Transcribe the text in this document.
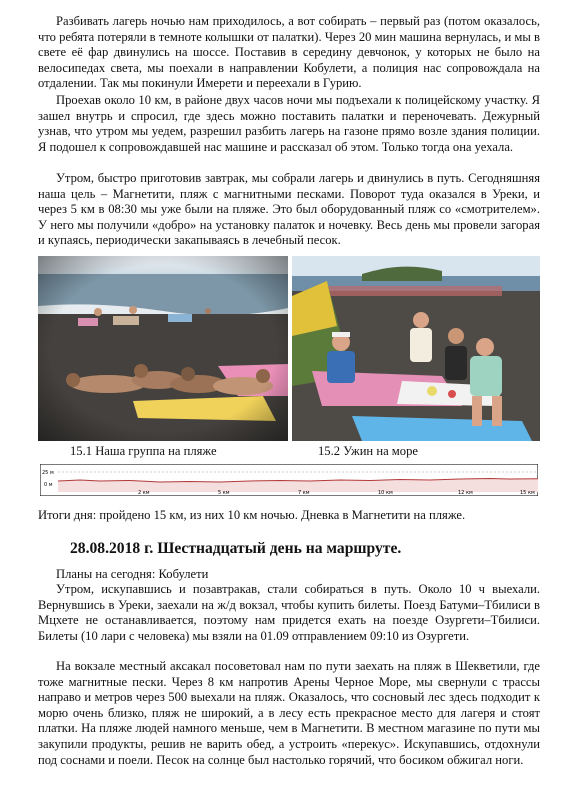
Разбивать лагерь ночью нам приходилось, а вот собирать – первый раз (потом оказалось, что ребята потеряли в темноте колышки от палатки). Через 20 мин машина вернулась, и мы в свете её фар двинулись на шоссе. Поставив в середину девчонок, у которых не было на велосипедах света, мы поехали в направлении Кобулети, а полиция нас сопровождала на отдалении. Так мы покинули Имерети и переехали в Гурию.

Проехав около 10 км, в районе двух часов ночи мы подъехали к полицейскому участку. Я зашел внутрь и спросил, где здесь можно поставить палатки и переночевать. Дежурный узнав, что утром мы уедем, разрешил разбить лагерь на газоне прямо возле здания полиции. Я подошел к сопровождавшей нас машине и рассказал об этом. Только тогда она уехала.

Утром, быстро приготовив завтрак, мы собрали лагерь и двинулись в путь. Сегодняшняя наша цель – Магнетити, пляж с магнитными песками. Поворот туда оказался в Уреки, и через 5 км в 08:30 мы уже были на пляже. Это был оборудованный пляж со «смотрителем». У него мы получили «добро» на установку палаток и ночевку. Весь день мы провели загорая и купаясь, периодически закапываясь в лечебный песок.

15.1 Наша группа на пляже	15.2 Ужин на море
25 м
0 м
2 км	5 км	7 км	10 км	12 км	15 км
Итоги дня: пройдено 15 км, из них 10 км ночью. Дневка в Магнетити на пляже.
28.08.2018 г. Шестнадцатый день на маршруте.
Планы на сегодня: Кобулети

Утром, искупавшись и позавтракав, стали собираться в путь. Около 10 ч выехали. Вернувшись в Уреки, заехали на ж/д вокзал, чтобы купить билеты. Поезд Батуми–Тбилиси в Мцхете не останавливается, поэтому нам придется ехать на поезде Озургети–Тбилиси. Билеты (10 лари с человека) мы взяли на 01.09 отправлением 09:10 из Озургети.

На вокзале местный аксакал посоветовал нам по пути заехать на пляж в Шекветили, где тоже магнитные пески. Через 8 км напротив Арены Черное Море, мы свернули с трассы направо и метров через 500 выехали на пляж. Оказалось, что сосновый лес здесь подходит к морю очень близко, пляж не широкий, а в лесу есть прекрасное место для лагеря и стоят платки. На пляже людей намного меньше, чем в Магнетити. В местном магазине по пути мы закупили продукты, решив не варить обед, а устроить «перекус». Искупавшись, отдохнули под соснами и поели. Песок на солнце был настолько горячий, что босиком обжигал ноги.
